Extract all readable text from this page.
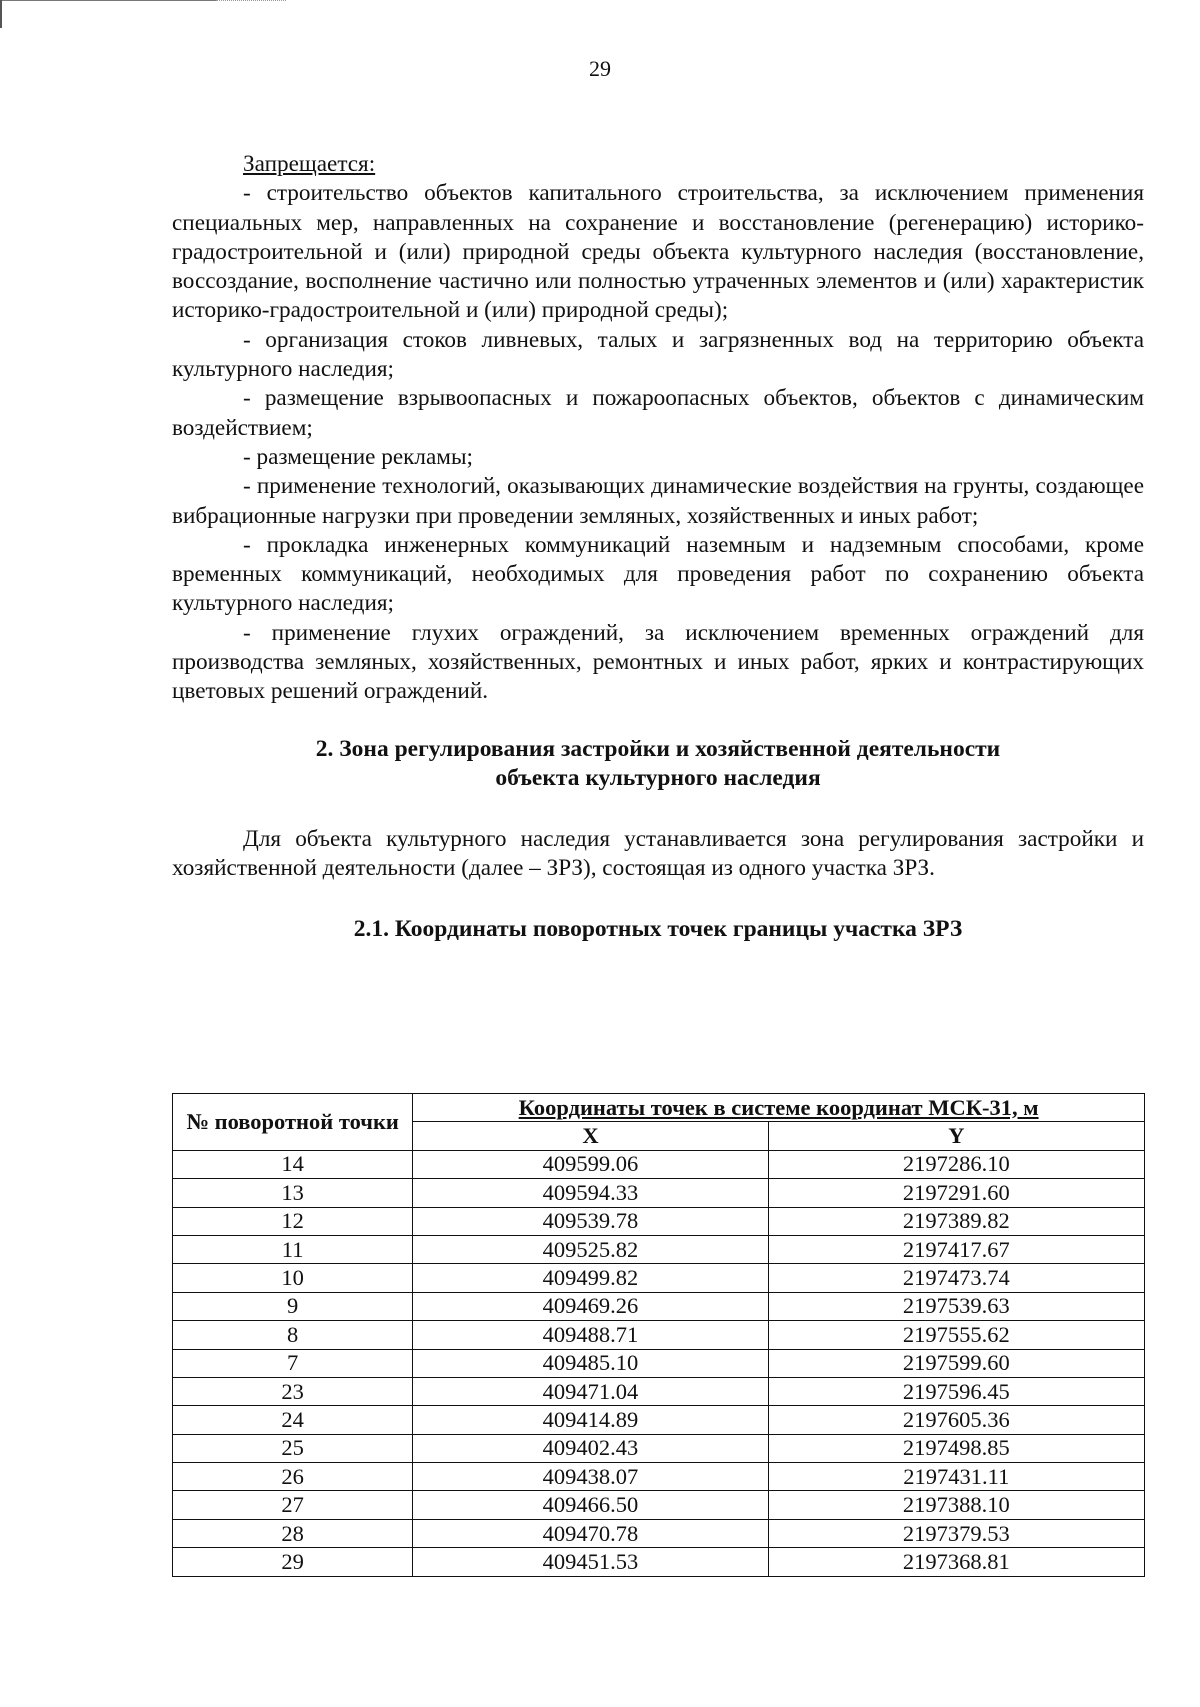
29
Запрещается:

- строительство объектов капитального строительства, за исключением применения специальных мер, направленных на сохранение и восстановление (регенерацию) историко-градостроительной и (или) природной среды объекта культурного наследия (восстановление, воссоздание, восполнение частично или полностью утраченных элементов и (или) характеристик историко-градостроительной и (или) природной среды);

- организация стоков ливневых, талых и загрязненных вод на территорию объекта культурного наследия;

- размещение взрывоопасных и пожароопасных объектов, объектов с динамическим воздействием;

- размещение рекламы;

- применение технологий, оказывающих динамические воздействия на грунты, создающее вибрационные нагрузки при проведении земляных, хозяйственных и иных работ;

- прокладка инженерных коммуникаций наземным и надземным способами, кроме временных коммуникаций, необходимых для проведения работ по сохранению объекта культурного наследия;

- применение глухих ограждений, за исключением временных ограждений для производства земляных, хозяйственных, ремонтных и иных работ, ярких и контрастирующих цветовых решений ограждений.

2. Зона регулирования застройки и хозяйственной деятельности
объекта культурного наследия

Для объекта культурного наследия устанавливается зона регулирования застройки и хозяйственной деятельности (далее – ЗРЗ), состоящая из одного участка ЗРЗ.

2.1. Координаты поворотных точек границы участка ЗРЗ
№ поворотной точки	Координаты точек в системе координат МСК-31, м	
	X	Y
14	409599.06	2197286.10
13	409594.33	2197291.60
12	409539.78	2197389.82
11	409525.82	2197417.67
10	409499.82	2197473.74
9	409469.26	2197539.63
8	409488.71	2197555.62
7	409485.10	2197599.60
23	409471.04	2197596.45
24	409414.89	2197605.36
25	409402.43	2197498.85
26	409438.07	2197431.11
27	409466.50	2197388.10
28	409470.78	2197379.53
29	409451.53	2197368.81
